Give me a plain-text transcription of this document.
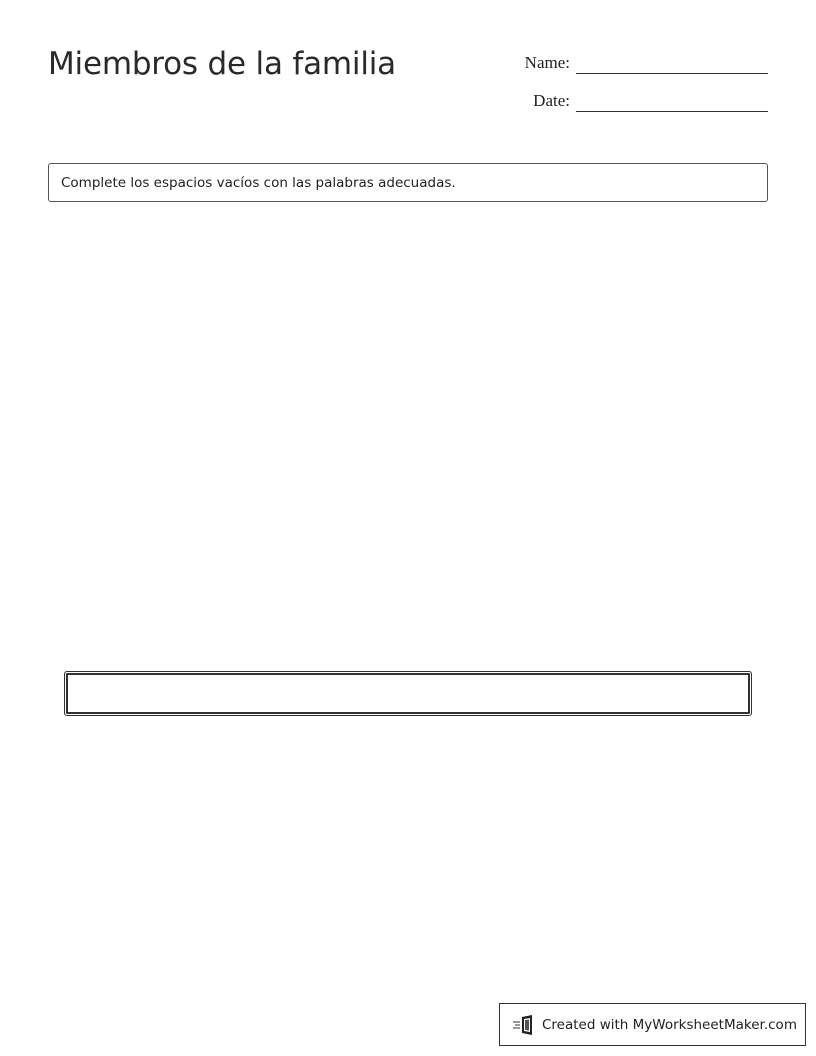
Miembros de la familia	Name:
Date:
Complete los espacios vacíos con las palabras adecuadas.
Created with MyWorksheetMaker.com
